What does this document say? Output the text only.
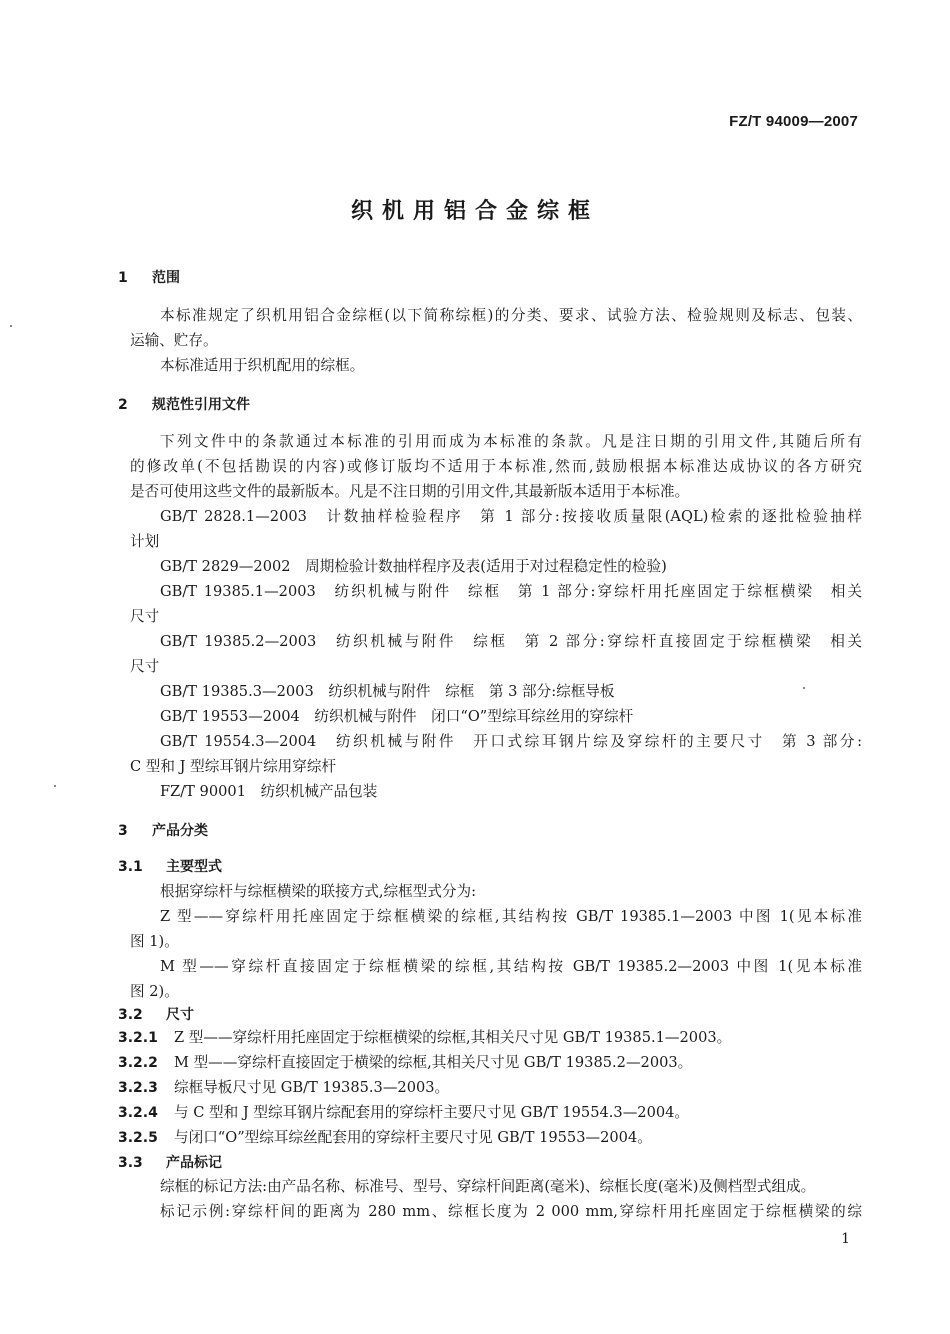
FZ/T 94009—2007
织机用铝合金综框
1 范围
本标准规定了织机用铝合金综框(以下简称综框)的分类、要求、试验方法、检验规则及标志、包装、
运输、贮存。
本标准适用于织机配用的综框。
2 规范性引用文件
下列文件中的条款通过本标准的引用而成为本标准的条款。凡是注日期的引用文件,其随后所有
的修改单(不包括勘误的内容)或修订版均不适用于本标准,然而,鼓励根据本标准达成协议的各方研究
是否可使用这些文件的最新版本。凡是不注日期的引用文件,其最新版本适用于本标准。
GB/T 2828.1—2003　计数抽样检验程序　第 1 部分:按接收质量限(AQL)检索的逐批检验抽样
计划
GB/T 2829—2002　周期检验计数抽样程序及表(适用于对过程稳定性的检验)
GB/T 19385.1—2003　纺织机械与附件　综框　第 1 部分:穿综杆用托座固定于综框横梁　相关
尺寸
GB/T 19385.2—2003　纺织机械与附件　综框　第 2 部分:穿综杆直接固定于综框横梁　相关
尺寸
GB/T 19385.3—2003　纺织机械与附件　综框　第 3 部分:综框导板
GB/T 19553—2004　纺织机械与附件　闭口“O”型综耳综丝用的穿综杆
GB/T 19554.3—2004　纺织机械与附件　开口式综耳钢片综及穿综杆的主要尺寸　第 3 部分:
C 型和 J 型综耳钢片综用穿综杆
FZ/T 90001　纺织机械产品包装
3 产品分类
3.1 主要型式
根据穿综杆与综框横梁的联接方式,综框型式分为:
Z 型——穿综杆用托座固定于综框横梁的综框,其结构按 GB/T 19385.1—2003 中图 1(见本标准
图 1)。
M 型——穿综杆直接固定于综框横梁的综框,其结构按 GB/T 19385.2—2003 中图 1(见本标准
图 2)。
3.2 尺寸
3.2.1 Z 型——穿综杆用托座固定于综框横梁的综框,其相关尺寸见 GB/T 19385.1—2003。
3.2.2 M 型——穿综杆直接固定于横梁的综框,其相关尺寸见 GB/T 19385.2—2003。
3.2.3 综框导板尺寸见 GB/T 19385.3—2003。
3.2.4 与 C 型和 J 型综耳钢片综配套用的穿综杆主要尺寸见 GB/T 19554.3—2004。
3.2.5 与闭口“O”型综耳综丝配套用的穿综杆主要尺寸见 GB/T 19553—2004。
3.3 产品标记
综框的标记方法:由产品名称、标准号、型号、穿综杆间距离(毫米)、综框长度(毫米)及侧档型式组成。
标记示例:穿综杆间的距离为 280 mm、综框长度为 2 000 mm,穿综杆用托座固定于综框横梁的综
1
